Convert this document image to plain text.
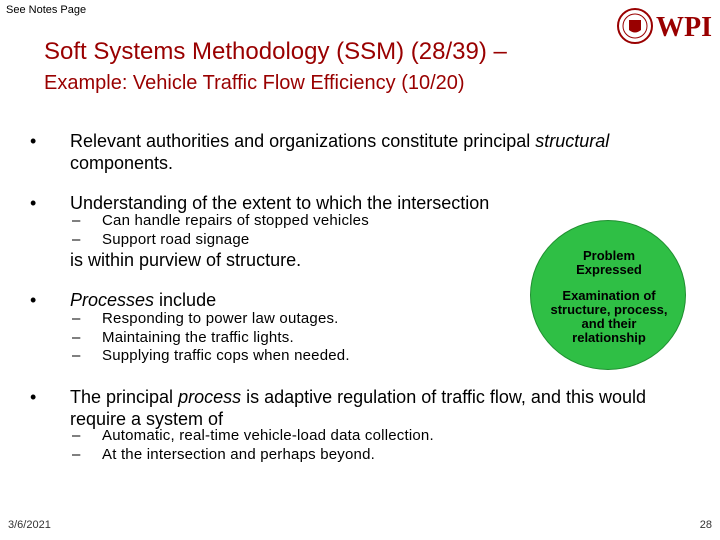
See Notes Page
WPI
Soft Systems Methodology (SSM) (28/39) –
Example: Vehicle Traffic Flow Efficiency (10/20)
• Relevant authorities and organizations constitute principal structural components.
• Understanding of the extent to which the intersection
– Can handle repairs of stopped vehicles
– Support road signage
is within purview of structure.
• Processes include
– Responding to power law outages.
– Maintaining the traffic lights.
– Supplying traffic cops when needed.
• The principal process is adaptive regulation of traffic flow, and this would require a system of
– Automatic, real-time vehicle-load data collection.
– At the intersection and perhaps beyond.
Problem
Expressed
Examination of
structure, process,
and their
relationship
3/6/2021	28
